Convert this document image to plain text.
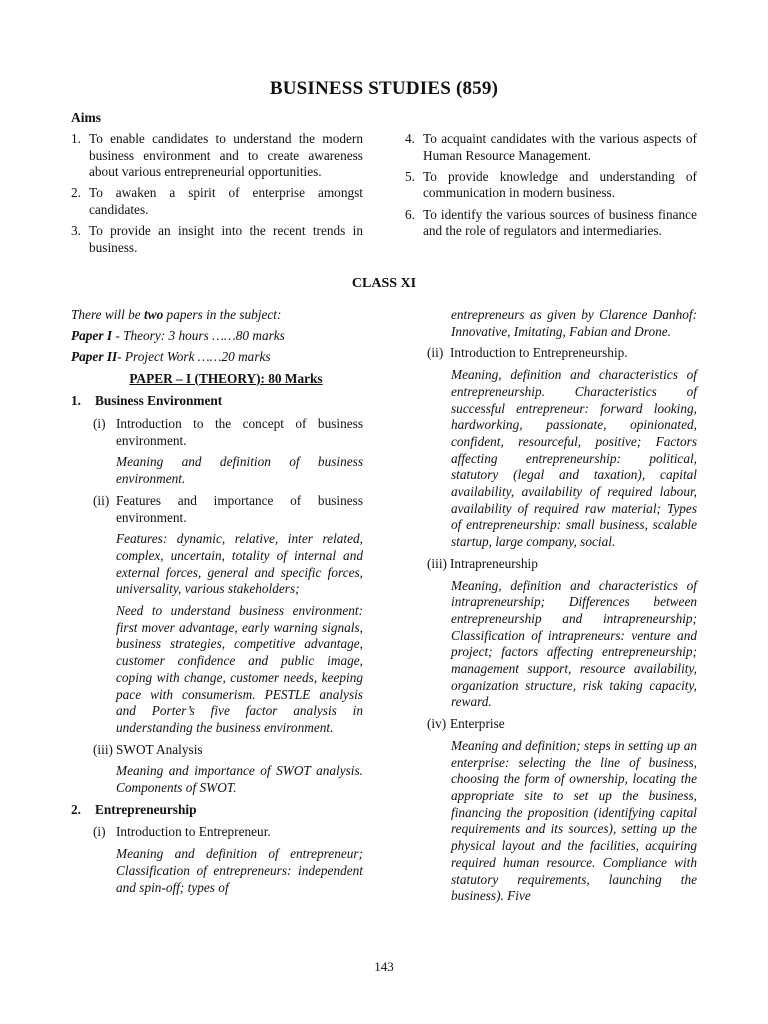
BUSINESS STUDIES (859)
Aims
1. To enable candidates to understand the modern business environment and to create awareness about various entrepreneurial opportunities.
2. To awaken a spirit of enterprise amongst candidates.
3. To provide an insight into the recent trends in business.
4. To acquaint candidates with the various aspects of Human Resource Management.
5. To provide knowledge and understanding of communication in modern business.
6. To identify the various sources of business finance and the role of regulators and intermediaries.
CLASS XI
There will be two papers in the subject:
Paper I - Theory: 3 hours ……80 marks
Paper II- Project Work ……20 marks
PAPER – I (THEORY): 80 Marks
1.	Business Environment
(i) Introduction to the concept of business environment.
Meaning and definition of business environment.
(ii) Features and importance of business environment.
Features: dynamic, relative, inter related, complex, uncertain, totality of internal and external forces, general and specific forces, universality, various stakeholders;
Need to understand business environment: first mover advantage, early warning signals, business strategies, competitive advantage, customer confidence and public image, coping with change, customer needs, keeping pace with consumerism. PESTLE analysis and Porter’s five factor analysis in understanding the business environment.
(iii) SWOT Analysis
Meaning and importance of SWOT analysis. Components of SWOT.
2.	Entrepreneurship
(i) Introduction to Entrepreneur.
Meaning and definition of entrepreneur; Classification of entrepreneurs: independent and spin-off; types of
entrepreneurs as given by Clarence Danhof: Innovative, Imitating, Fabian and Drone.
(ii) Introduction to Entrepreneurship.
Meaning, definition and characteristics of entrepreneurship. Characteristics of successful entrepreneur: forward looking, hardworking, passionate, opinionated, confident, resourceful, positive; Factors affecting entrepreneurship: political, statutory (legal and taxation), capital availability, availability of required labour, availability of required raw material; Types of entrepreneurship: small business, scalable startup, large company, social.
(iii) Intrapreneurship
Meaning, definition and characteristics of intrapreneurship; Differences between entrepreneurship and intrapreneurship; Classification of intrapreneurs: venture and project; factors affecting entrepreneurship; management support, resource availability, organization structure, risk taking capacity, reward.
(iv) Enterprise
Meaning and definition; steps in setting up an enterprise: selecting the line of business, choosing the form of ownership, locating the appropriate site to set up the business, financing the proposition (identifying capital requirements and its sources), setting up the physical layout and the facilities, acquiring required human resource. Compliance with statutory requirements, launching the business). Five
143
